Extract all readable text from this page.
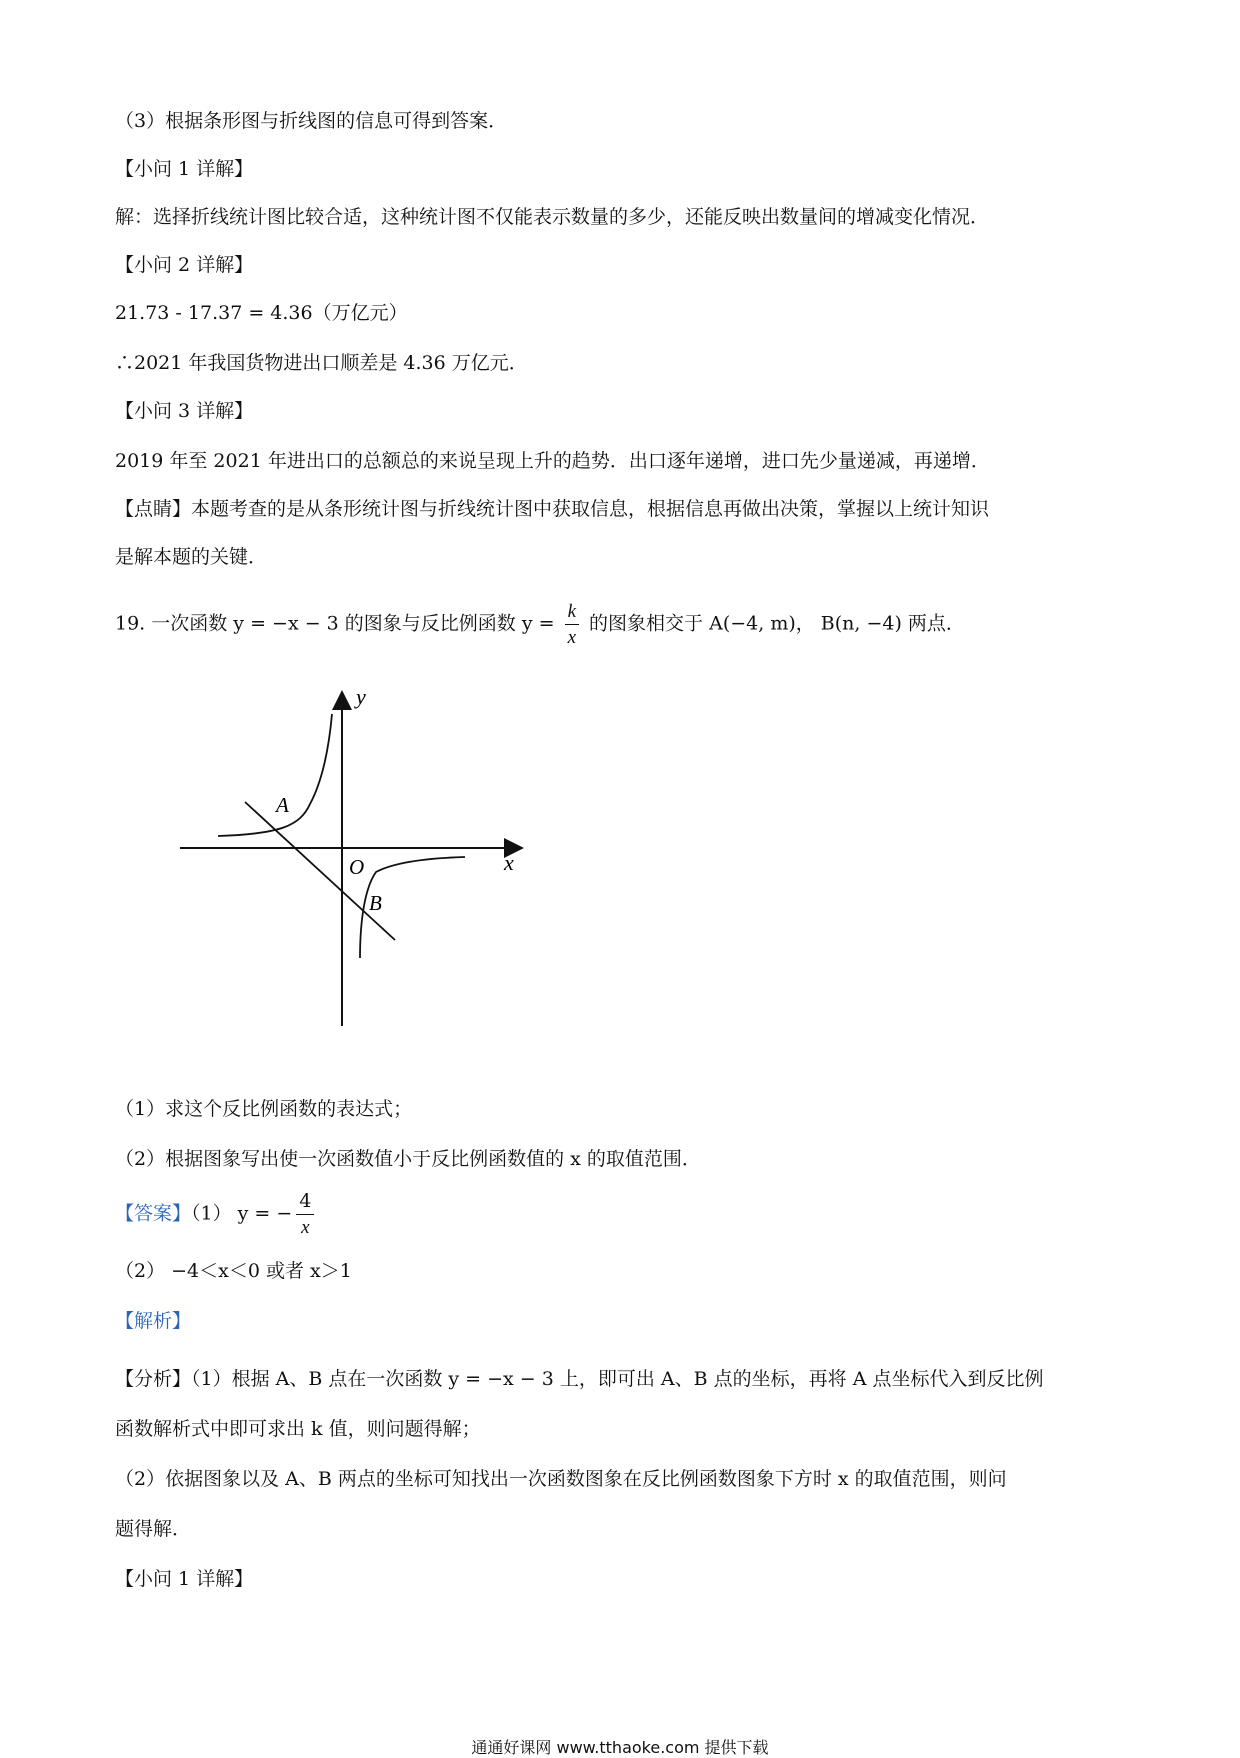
（3）根据条形图与折线图的信息可得到答案．
【小问 1 详解】
解：选择折线统计图比较合适，这种统计图不仅能表示数量的多少，还能反映出数量间的增减变化情况．
【小问 2 详解】
21.73 - 17.37 = 4.36（万亿元）
∴2021 年我国货物进出口顺差是 4.36 万亿元．
【小问 3 详解】
2019 年至 2021 年进出口的总额总的来说呈现上升的趋势．出口逐年递增，进口先少量递减，再递增．
【点睛】本题考查的是从条形统计图与折线统计图中获取信息，根据信息再做出决策，掌握以上统计知识
是解本题的关键．
19. 一次函数 y = −x − 3 的图象与反比例函数 $y = \frac{k}{x}$ 的图象相交于 A(−4, m)， B(n, −4) 两点．
y
x
O
A
B
（1）求这个反比例函数的表达式；
（2）根据图象写出使一次函数值小于反比例函数值的 x 的取值范围．
【答案】（1） y = − $\frac{4}{x}$
（2） −4＜x＜0 或者 x＞1
【解析】
【分析】（1）根据 A、B 点在一次函数 y = −x − 3 上，即可出 A、B 点的坐标，再将 A 点坐标代入到反比例
函数解析式中即可求出 k 值，则问题得解；
（2）依据图象以及 A、B 两点的坐标可知找出一次函数图象在反比例函数图象下方时 x 的取值范围，则问
题得解．
【小问 1 详解】
通通好课网 www.tthaoke.com 提供下载
